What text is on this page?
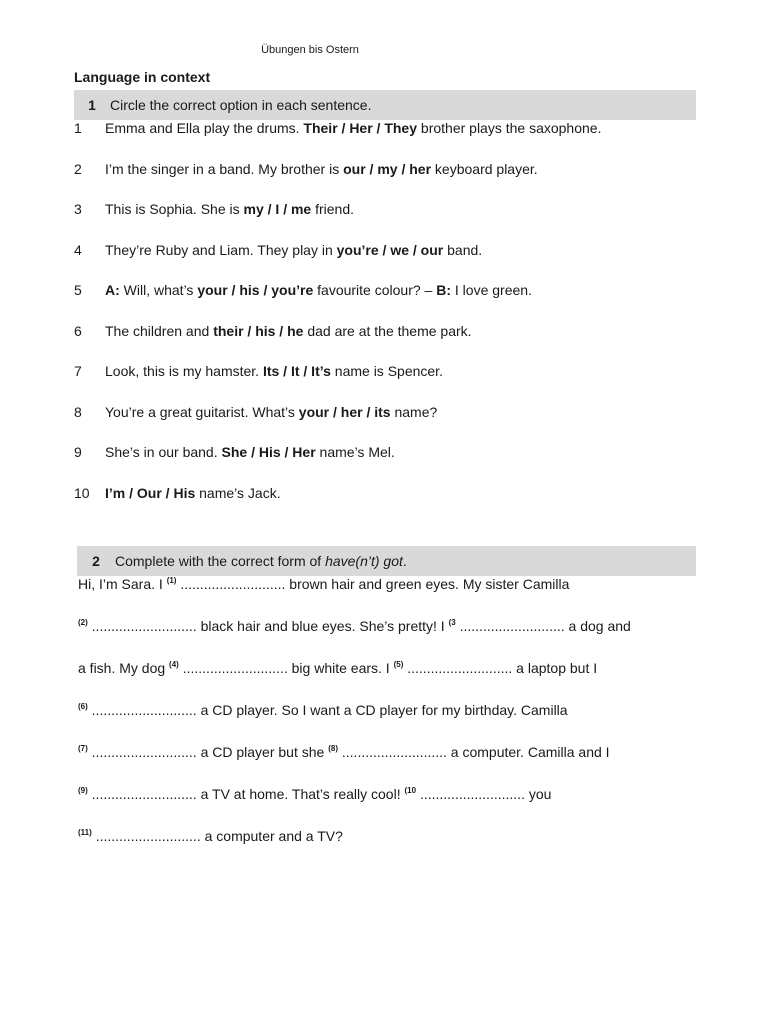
Übungen bis Ostern
Language in context
1	Circle the correct option in each sentence.
1	Emma and Ella play the drums. Their / Her / They brother plays the saxophone.
2	I’m the singer in a band. My brother is our / my / her keyboard player.
3	This is Sophia. She is my / I / me friend.
4	They’re Ruby and Liam. They play in you’re / we / our band.
5	A: Will, what’s your / his / you’re favourite colour? – B: I love green.
6	The children and their / his / he dad are at the theme park.
7	Look, this is my hamster. Its / It / It’s name is Spencer.
8	You’re a great guitarist. What’s your / her / its name?
9	She’s in our band. She / His / Her name’s Mel.
10	I’m / Our / His name’s Jack.
2	Complete with the correct form of have(n’t) got.
Hi, I’m Sara. I $^{(1)}$ ........................... brown hair and green eyes. My sister Camilla
$^{(2)}$ ........................... black hair and blue eyes. She’s pretty! I $^{(3}$ ........................... a dog and
a fish. My dog $^{(4)}$ ........................... big white ears. I $^{(5)}$ ........................... a laptop but I
$^{(6)}$ ........................... a CD player. So I want a CD player for my birthday. Camilla
$^{(7)}$ ........................... a CD player but she $^{(8)}$ ........................... a computer. Camilla and I
$^{(9)}$ ........................... a TV at home. That’s really cool! $^{(10}$ ........................... you
$^{(11)}$ ........................... a computer and a TV?
